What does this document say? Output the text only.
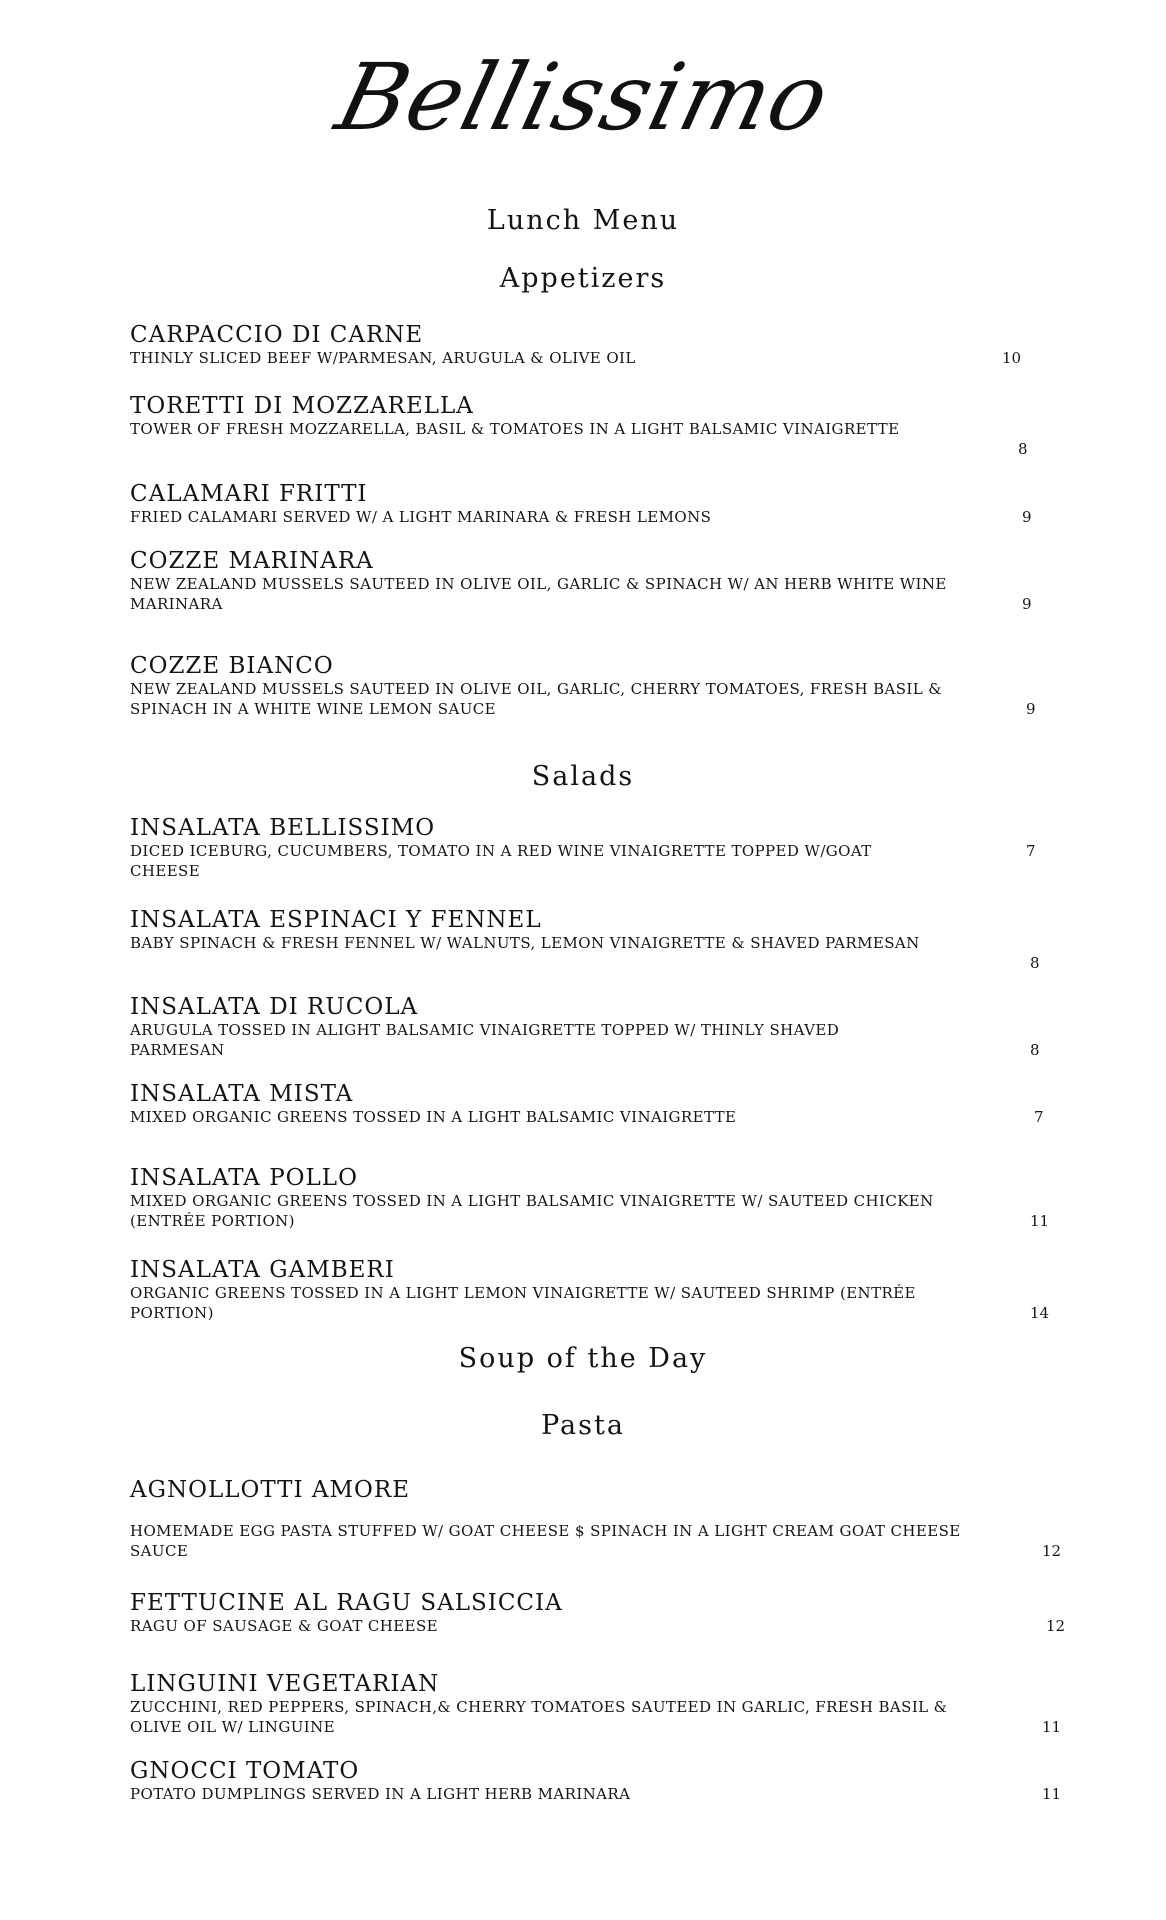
Bellissimo
Lunch Menu
Appetizers
CARPACCIO DI CARNE
THINLY SLICED BEEF W/PARMESAN, ARUGULA & OLIVE OIL	10
TORETTI DI MOZZARELLA
TOWER OF FRESH MOZZARELLA, BASIL & TOMATOES IN A LIGHT BALSAMIC VINAIGRETTE
8
CALAMARI FRITTI
FRIED CALAMARI SERVED W/ A LIGHT MARINARA & FRESH LEMONS	9
COZZE MARINARA
NEW ZEALAND MUSSELS SAUTEED IN OLIVE OIL, GARLIC & SPINACH W/ AN HERB WHITE WINE MARINARA	9
COZZE BIANCO
NEW ZEALAND MUSSELS SAUTEED IN OLIVE OIL, GARLIC, CHERRY TOMATOES, FRESH BASIL & SPINACH IN A WHITE WINE LEMON SAUCE	9
Salads
INSALATA BELLISSIMO
DICED ICEBURG, CUCUMBERS, TOMATO IN A RED WINE VINAIGRETTE TOPPED W/GOAT CHEESE
7
INSALATA ESPINACI Y FENNEL
BABY SPINACH & FRESH FENNEL W/ WALNUTS, LEMON VINAIGRETTE & SHAVED PARMESAN
8
INSALATA DI RUCOLA
ARUGULA TOSSED IN ALIGHT BALSAMIC VINAIGRETTE TOPPED W/ THINLY SHAVED PARMESAN	8
INSALATA MISTA
MIXED ORGANIC GREENS TOSSED IN A LIGHT BALSAMIC VINAIGRETTE	7
INSALATA POLLO
MIXED ORGANIC GREENS TOSSED IN A LIGHT BALSAMIC VINAIGRETTE W/ SAUTEED CHICKEN (ENTRÉE PORTION)	11
INSALATA GAMBERI
ORGANIC GREENS TOSSED IN A LIGHT LEMON VINAIGRETTE W/ SAUTEED SHRIMP (ENTRÉE PORTION)	14
Soup of the Day
Pasta
AGNOLLOTTI AMORE
HOMEMADE EGG PASTA STUFFED W/ GOAT CHEESE $ SPINACH IN A LIGHT CREAM GOAT CHEESE SAUCE	12
FETTUCINE AL RAGU SALSICCIA
RAGU OF SAUSAGE & GOAT CHEESE	12
LINGUINI VEGETARIAN
ZUCCHINI, RED PEPPERS, SPINACH,& CHERRY TOMATOES SAUTEED IN GARLIC, FRESH BASIL & OLIVE OIL W/ LINGUINE	11
GNOCCI TOMATO
POTATO DUMPLINGS SERVED IN A LIGHT HERB MARINARA	11
